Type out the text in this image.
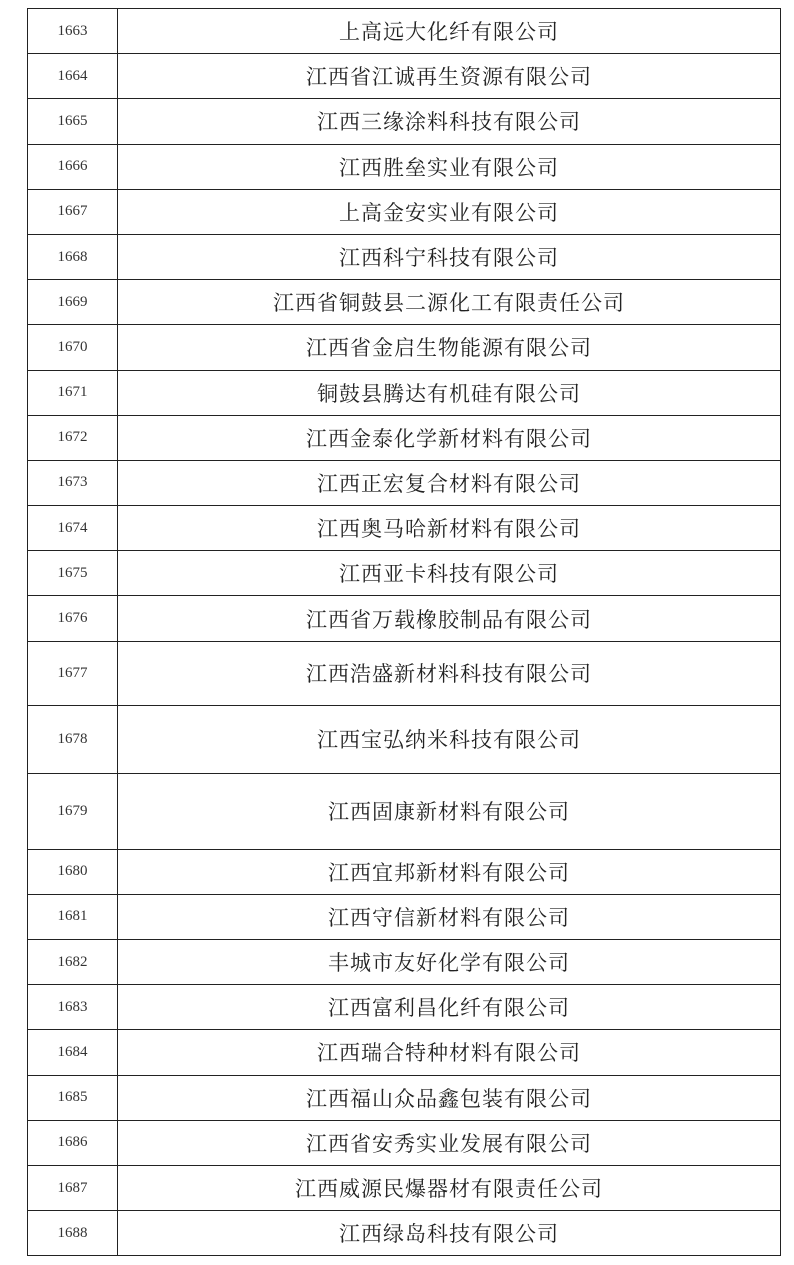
1663	上高远大化纤有限公司
1664	江西省江诚再生资源有限公司
1665	江西三缘涂料科技有限公司
1666	江西胜垒实业有限公司
1667	上高金安实业有限公司
1668	江西科宁科技有限公司
1669	江西省铜鼓县二源化工有限责任公司
1670	江西省金启生物能源有限公司
1671	铜鼓县腾达有机硅有限公司
1672	江西金泰化学新材料有限公司
1673	江西正宏复合材料有限公司
1674	江西奥马哈新材料有限公司
1675	江西亚卡科技有限公司
1676	江西省万载橡胶制品有限公司
1677	江西浩盛新材料科技有限公司
1678	江西宝弘纳米科技有限公司
1679	江西固康新材料有限公司
1680	江西宜邦新材料有限公司
1681	江西守信新材料有限公司
1682	丰城市友好化学有限公司
1683	江西富利昌化纤有限公司
1684	江西瑞合特种材料有限公司
1685	江西福山众品鑫包装有限公司
1686	江西省安秀实业发展有限公司
1687	江西威源民爆器材有限责任公司
1688	江西绿岛科技有限公司
